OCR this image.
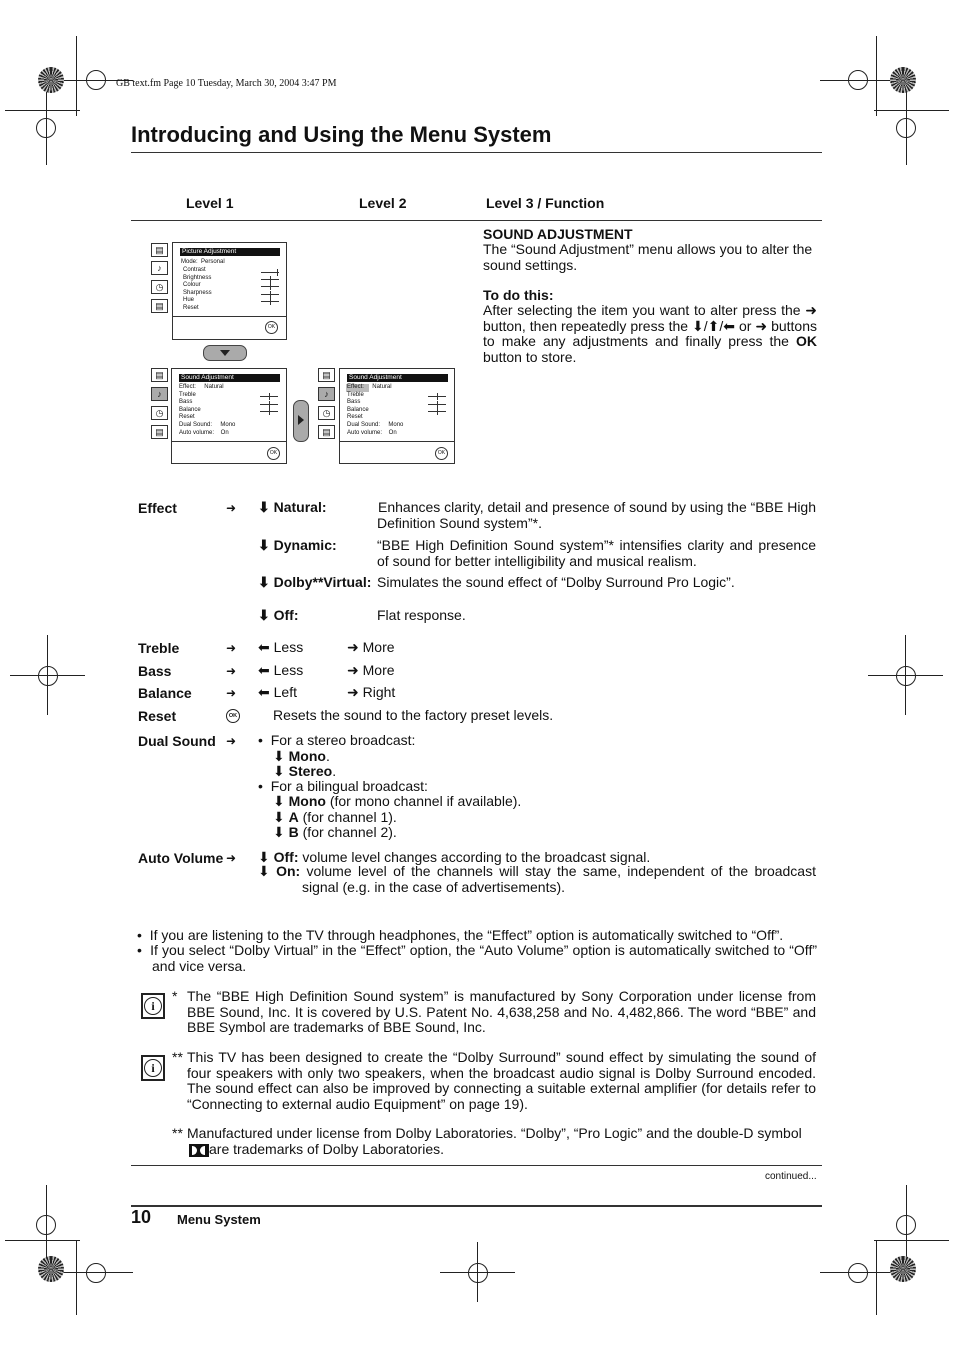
GB text.fm Page 10 Tuesday, March 30, 2004 3:47 PM
Introducing and Using the Menu System
Level 1	Level 2	Level 3 / Function
▤
♪
◷
▤
Picture Adjustment
Mode:  Personal
Contrast
Brightness
Colour
Sharpness
Hue
Reset
OK
▤
♪
◷
▤
Sound Adjustment
Effect:     Natural
Treble
Bass
Balance
Reset
Dual Sound:     Mono
Auto volume:    On
OK
▤
♪
◷
▤
Sound Adjustment
Effect:     Natural
Treble
Bass
Balance
Reset
Dual Sound:     Mono
Auto volume:    On
OK
SOUND ADJUSTMENT
The “Sound Adjustment” menu allows you to alter the sound settings.
To do this:
After selecting the item you want to alter press the ➜ button, then repeatedly press the ⬇/⬆/⬅ or ➜ buttons to make any adjustments and finally press the OK button to store.
Effect	➜ ⬇ Natural:	Enhances clarity, detail and presence of sound by using the “BBE High Definition Sound system”*.
⬇ Dynamic:	“BBE High Definition Sound system”* intensifies clarity and presence of sound for better intelligibility and musical realism.
⬇ Dolby**Virtual: Simulates the sound effect of “Dolby Surround Pro Logic”.
⬇ Off:	Flat response.
Treble	➜ ⬅ Less	➜ More
Bass	➜ ⬅ Less	➜ More
Balance	➜ ⬅ Left	➜ Right
Reset	OK	Resets the sound to the factory preset levels.
Dual Sound ➜ •  For a stereo broadcast:
⬇ Mono.
⬇ Stereo.
•  For a bilingual broadcast:
⬇ Mono (for mono channel if available).
⬇ A (for channel 1).
⬇ B (for channel 2).
Auto Volume ➜ ⬇ Off: volume level changes according to the broadcast signal.
⬇ On: volume level of the channels will stay the same, independent of the broadcast signal (e.g. in the case of advertisements).
•  If you are listening to the TV through headphones, the “Effect” option is automatically switched to “Off”.
•  If you select “Dolby Virtual” in the “Effect” option, the “Auto Volume” option is automatically switched to “Off” and vice versa.
i
* The “BBE High Definition Sound system” is manufactured by Sony Corporation under license from BBE Sound, Inc. It is covered by U.S. Patent No. 4,638,258 and No. 4,482,866. The word “BBE” and BBE Symbol are trademarks of BBE Sound, Inc.
i
** This TV has been designed to create the “Dolby Surround” sound effect by simulating the sound of four speakers with only two speakers, when the broadcast audio signal is Dolby Surround encoded. The sound effect can also be improved by connecting a suitable external amplifier (for details refer to “Connecting to external audio Equipment” on page 19).
** Manufactured under license from Dolby Laboratories. “Dolby”, “Pro Logic” and the double-D symbol
are trademarks of Dolby Laboratories.
continued...
10 Menu System
